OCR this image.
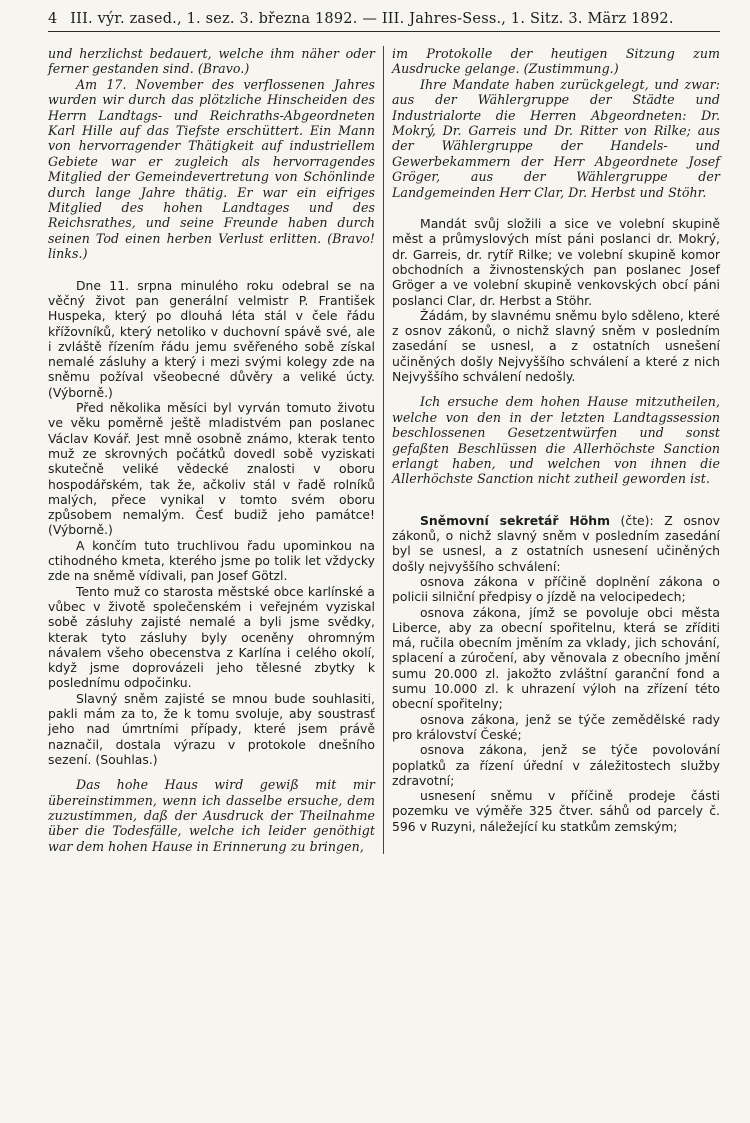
4 III. výr. zased., 1. sez. 3. března 1892. — III. Jahres-Sess., 1. Sitz. 3. März 1892.

und herzlichst bedauert, welche ihm näher oder ferner gestanden sind. (Bravo.)

Am 17. November des verflossenen Jahres wurden wir durch das plötzliche Hinscheiden des Herrn Landtags- und Reichraths-Abgeordneten Karl Hille auf das Tiefste erschüttert. Ein Mann von hervorragender Thätigkeit auf industriellem Gebiete war er zugleich als hervorragendes Mitglied der Gemeindevertretung von Schönlinde durch lange Jahre thätig. Er war ein eifriges Mitglied des hohen Landtages und des Reichsrathes, und seine Freunde haben durch seinen Tod einen herben Verlust erlitten. (Bravo! links.)

Dne 11. srpna minulého roku odebral se na věčný život pan generální velmistr P. František Huspeka, který po dlouhá léta stál v čele řádu křížovníků, který netoliko v duchovní spávě své, ale i zvláště řízením řádu jemu svěřeného sobě získal nemalé zásluhy a který i mezi svými kolegy zde na sněmu požíval všeobecné důvěry a veliké úcty. (Výborně.)

Před několika měsíci byl vyrván tomuto životu ve věku poměrně ještě mladistvém pan poslanec Václav Kovář. Jest mně osobně známo, kterak tento muž ze skrovných počátků dovedl sobě vyziskati skutečně veliké vědecké znalosti v oboru hospodářském, tak že, ačkoliv stál v řadě rolníků malých, přece vynikal v tomto svém oboru způsobem nemalým. Česť budiž jeho památce! (Výborně.)

A končím tuto truchlivou řadu upominkou na ctihodného kmeta, kterého jsme po tolik let vždycky zde na sněmě vídivali, pan Josef Götzl.

Tento muž co starosta městské obce karlínské a vůbec v životě společenském i veřejném vyziskal sobě zásluhy zajisté nemalé a byli jsme svědky, kterak tyto zásluhy byly oceněny ohromným návalem všeho obecenstva z Karlína i celého okolí, když jsme doprovázeli jeho tělesné zbytky k poslednímu odpočinku.

Slavný sněm zajisté se mnou bude souhlasiti, pakli mám za to, že k tomu svoluje, aby soustrasť jeho nad úmrtními případy, které jsem právě naznačil, dostala výrazu v protokole dnešního sezení. (Souhlas.)

Das hohe Haus wird gewiß mit mir übereinstimmen, wenn ich dasselbe ersuche, dem zuzustimmen, daß der Ausdruck der Theilnahme über die Todesfälle, welche ich leider genöthigt war dem hohen Hause in Erinnerung zu bringen,

im Protokolle der heutigen Sitzung zum Ausdrucke gelange. (Zustimmung.)

Ihre Mandate haben zurückgelegt, und zwar: aus der Wählergruppe der Städte und Industrialorte die Herren Abgeordneten: Dr. Mokrý, Dr. Garreis und Dr. Ritter von Rilke; aus der Wählergruppe der Handels- und Gewerbekammern der Herr Abgeordnete Josef Gröger, aus der Wählergruppe der Landgemeinden Herr Clar, Dr. Herbst und Stöhr.

Mandát svůj složili a sice ve volební skupině měst a průmyslových míst páni poslanci dr. Mokrý, dr. Garreis, dr. rytíř Rilke; ve volební skupině komor obchodních a živnostenských pan poslanec Josef Gröger a ve volební skupině venkovských obcí páni poslanci Clar, dr. Herbst a Stöhr.

Žádám, by slavnému sněmu bylo sděleno, které z osnov zákonů, o nichž slavný sněm v posledním zasedání se usnesl, a z ostatních usnešení učiněných došly Nejvyššího schválení a které z nich Nejvyššího schválení nedošly.

Ich ersuche dem hohen Hause mitzutheilen, welche von den in der letzten Landtagssession beschlossenen Gesetzentwürfen und sonst gefaßten Beschlüssen die Allerhöchste Sanction erlangt haben, und welchen von ihnen die Allerhöchste Sanction nicht zutheil geworden ist.

Sněmovní sekretář Höhm (čte): Z osnov zákonů, o nichž slavný sněm v posledním zasedání byl se usnesl, a z ostatních usnesení učiněných došly nejvyššího schválení:

osnova zákona v příčině doplnění zákona o policii silniční předpisy o jízdě na velocipedech;

osnova zákona, jímž se povoluje obci města Liberce, aby za obecní spořitelnu, která se zříditi má, ručila obecním jměním za vklady, jich schování, splacení a zúročení, aby věnovala z obecního jmění sumu 20.000 zl. jakožto zvláštní garanční fond a sumu 10.000 zl. k uhrazení výloh na zřízení této obecní spořitelny;

osnova zákona, jenž se týče zemědělské rady pro království České;

osnova zákona, jenž se týče povolování poplatků za řízení úřední v záležitostech služby zdravotní;

usnesení sněmu v příčině prodeje části pozemku ve výměře 325 čtver. sáhů od parcely č. 596 v Ruzyni, náležející ku statkům zemským;
